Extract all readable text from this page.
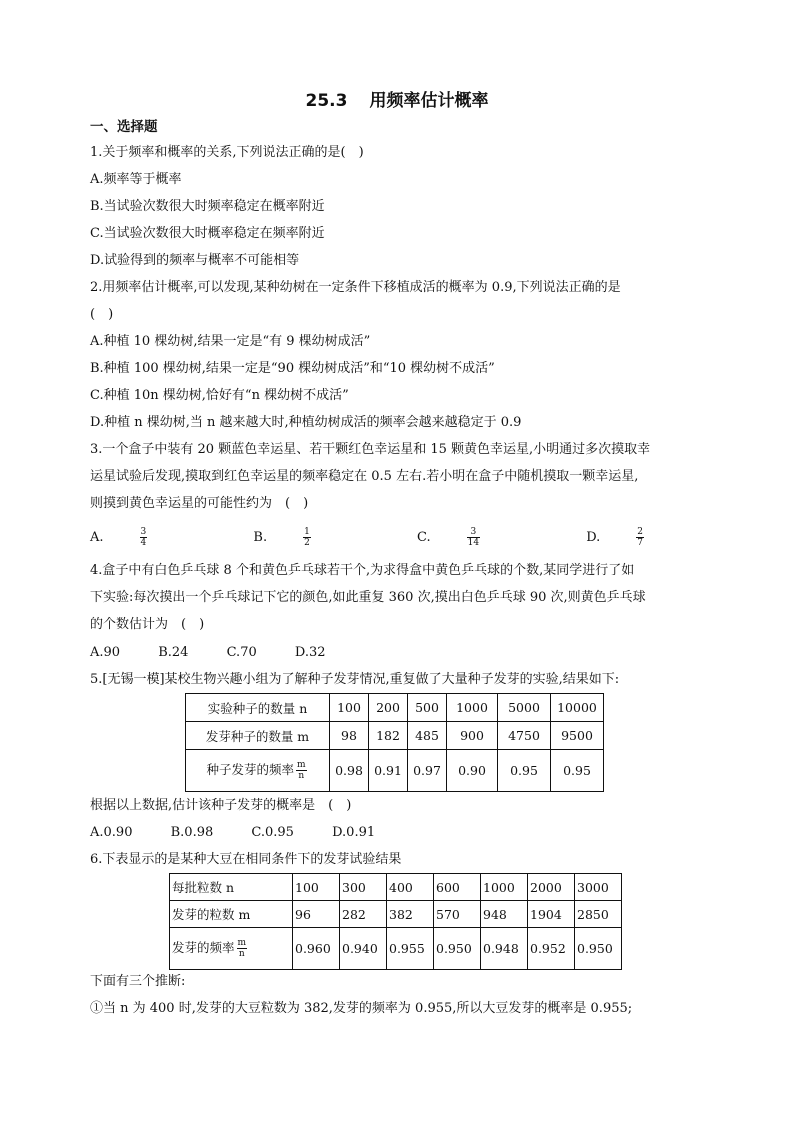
25.3 用频率估计概率
一、选择题
1.关于频率和概率的关系,下列说法正确的是(　)
A.频率等于概率
B.当试验次数很大时频率稳定在概率附近
C.当试验次数很大时概率稳定在频率附近
D.试验得到的频率与概率不可能相等
2.用频率估计概率,可以发现,某种幼树在一定条件下移植成活的概率为 0.9,下列说法正确的是
(　)
A.种植 10 棵幼树,结果一定是“有 9 棵幼树成活”
B.种植 100 棵幼树,结果一定是“90 棵幼树成活”和“10 棵幼树不成活”
C.种植 10n 棵幼树,恰好有“n 棵幼树不成活”
D.种植 n 棵幼树,当 n 越来越大时,种植幼树成活的频率会越来越稳定于 0.9
3.一个盒子中装有 20 颗蓝色幸运星、若干颗红色幸运星和 15 颗黄色幸运星,小明通过多次摸取幸
运星试验后发现,摸取到红色幸运星的频率稳定在 0.5 左右.若小明在盒子中随机摸取一颗幸运星,
则摸到黄色幸运星的可能性约为　(　)
A.	$\frac{3}{4}$	B.	$\frac{1}{2}$	C.	$\frac{3}{14}$	D.	$\frac{2}{7}$
4.盒子中有白色乒乓球 8 个和黄色乒乓球若干个,为求得盒中黄色乒乓球的个数,某同学进行了如
下实验:每次摸出一个乒乓球记下它的颜色,如此重复 360 次,摸出白色乒乓球 90 次,则黄色乒乓球
的个数估计为　(　)
A.90	B.24	C.70	D.32
5.[无锡一模]某校生物兴趣小组为了解种子发芽情况,重复做了大量种子发芽的实验,结果如下:
实验种子的数量 n	100	200	500	1000	5000	10000
发芽种子的数量 m	98	182	485	900	4750	9500
种子发芽的频率 $\frac{m}{n}$	0.98	0.91	0.97	0.90	0.95	0.95
根据以上数据,估计该种子发芽的概率是　(　)
A.0.90	B.0.98	C.0.95	D.0.91
6.下表显示的是某种大豆在相同条件下的发芽试验结果
每批粒数 n	100	300	400	600	1000	2000	3000
发芽的粒数 m	96	282	382	570	948	1904	2850
发芽的频率 $\frac{m}{n}$	0.960	0.940	0.955	0.950	0.948	0.952	0.950
下面有三个推断:
①当 n 为 400 时,发芽的大豆粒数为 382,发芽的频率为 0.955,所以大豆发芽的概率是 0.955;
